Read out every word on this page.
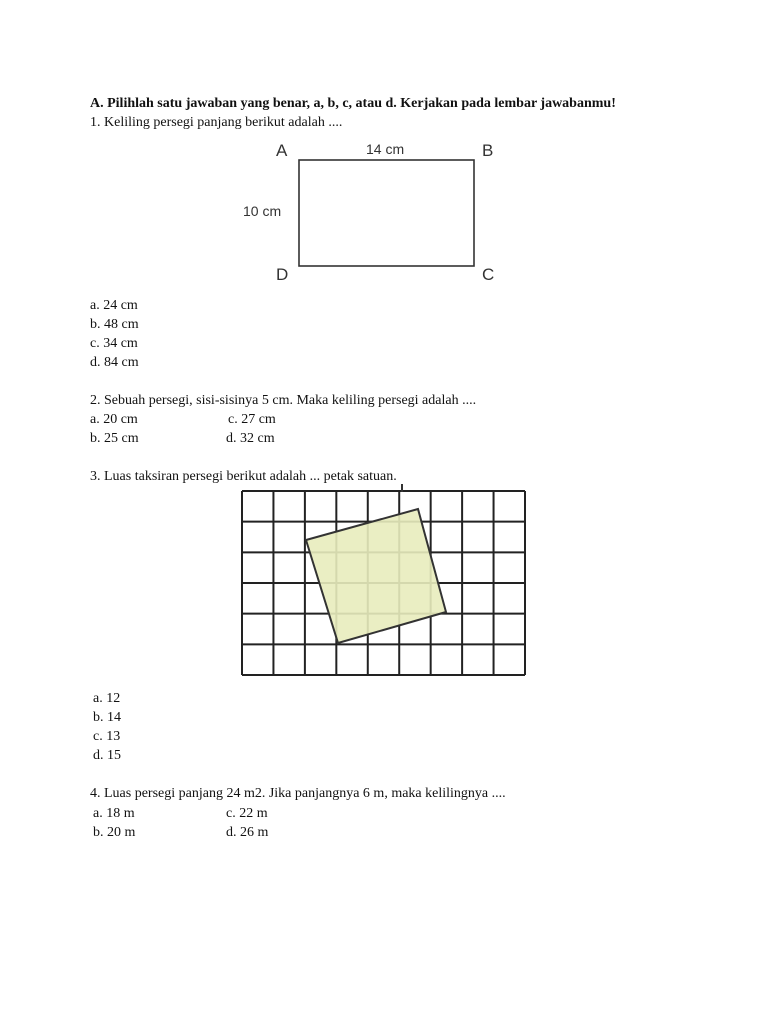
A. Pilihlah satu jawaban yang benar, a, b, c, atau d. Kerjakan pada lembar jawabanmu!
1. Keliling persegi panjang berikut adalah ....
A	B
C
D
14 cm
10 cm
a. 24 cm
b. 48 cm
c. 34 cm
d. 84 cm
2. Sebuah persegi, sisi-sisinya 5 cm. Maka keliling persegi adalah ....
a. 20 cm	c. 27 cm
b. 25 cm	d. 32 cm
3. Luas taksiran persegi berikut adalah ... petak satuan.
a. 12
b. 14
c. 13
d. 15
4. Luas persegi panjang 24 m2. Jika panjangnya 6 m, maka kelilingnya ....
a. 18 m	c. 22 m
b. 20 m	d. 26 m
